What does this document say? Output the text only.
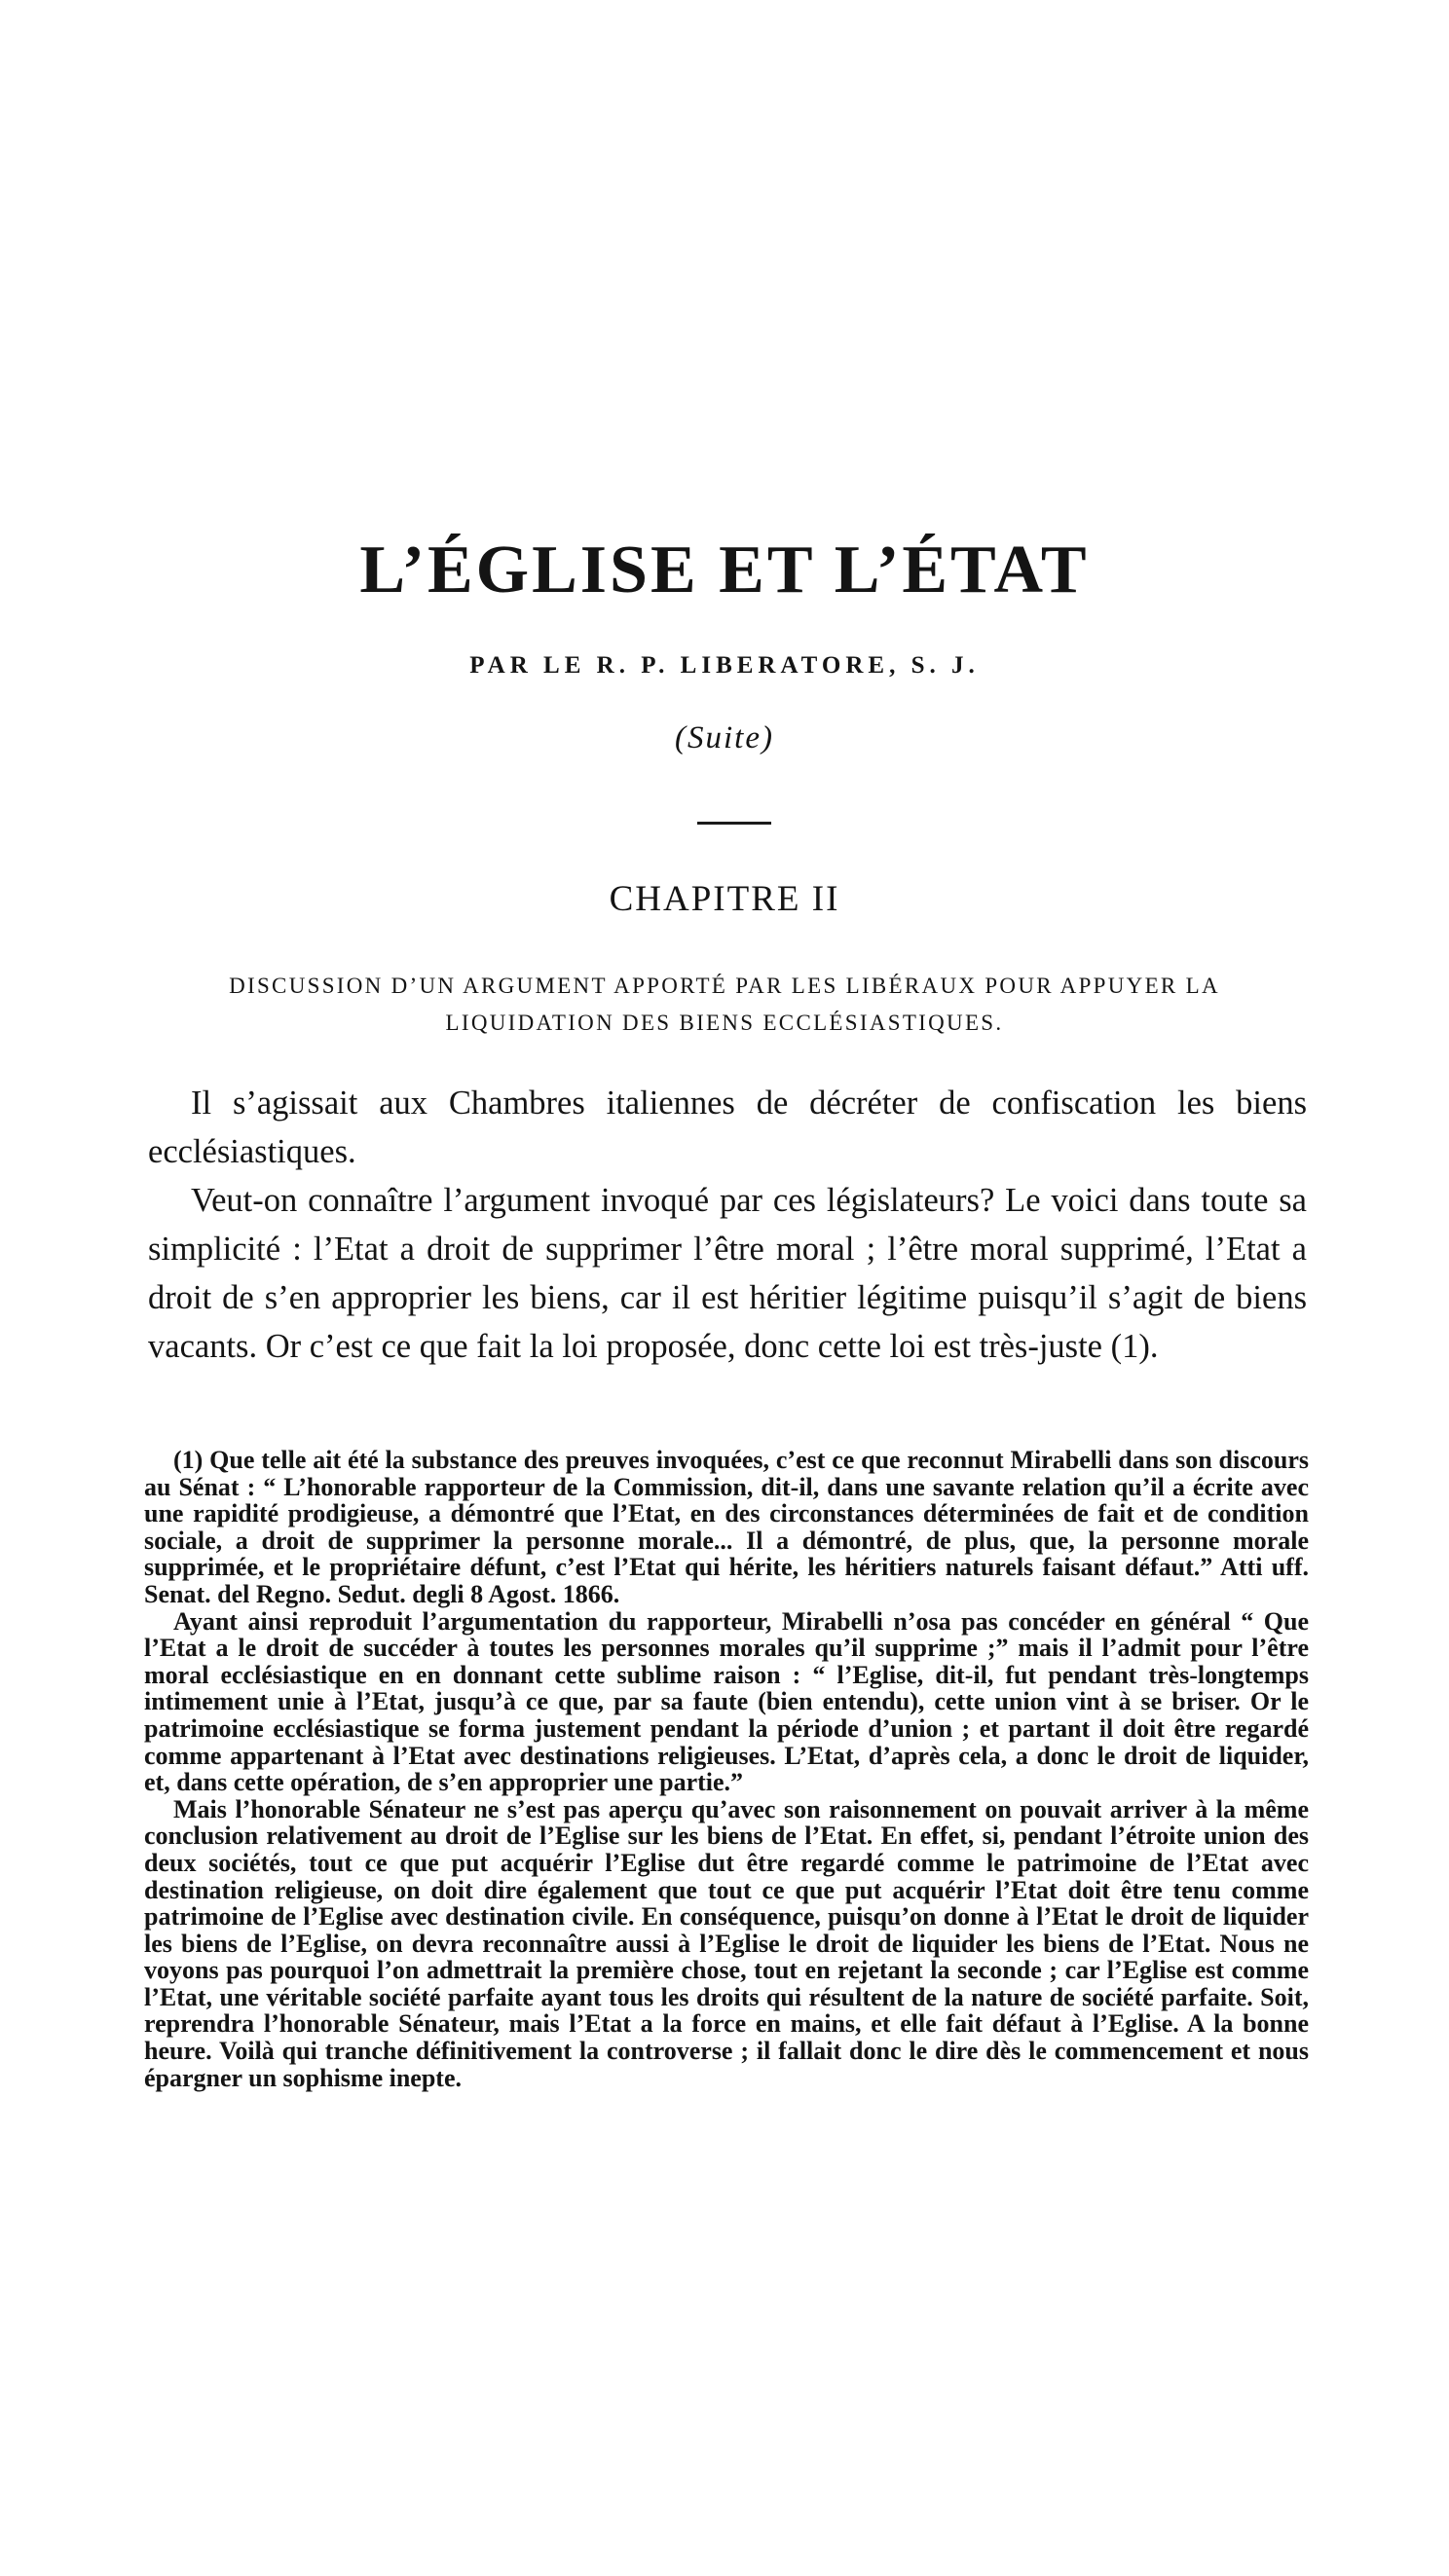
L’ÉGLISE ET L’ÉTAT
PAR LE R. P. LIBERATORE, S. J.
(Suite)
CHAPITRE II
DISCUSSION D’UN ARGUMENT APPORTÉ PAR LES LIBÉRAUX POUR APPUYER LA LIQUIDATION DES BIENS ECCLÉSIASTIQUES.

Il s’agissait aux Chambres italiennes de décréter de confiscation les biens ecclésiastiques.

Veut-on connaître l’argument invoqué par ces législateurs? Le voici dans toute sa simplicité : l’Etat a droit de supprimer l’être moral ; l’être moral supprimé, l’Etat a droit de s’en approprier les biens, car il est héritier légitime puisqu’il s’agit de biens vacants. Or c’est ce que fait la loi proposée, donc cette loi est très-juste (1).

(1) Que telle ait été la substance des preuves invoquées, c’est ce que reconnut Mirabelli dans son discours au Sénat : “ L’honorable rapporteur de la Commission, dit-il, dans une savante relation qu’il a écrite avec une rapidité prodigieuse, a démontré que l’Etat, en des circonstances déterminées de fait et de condition sociale, a droit de supprimer la personne morale... Il a démontré, de plus, que, la personne morale supprimée, et le propriétaire défunt, c’est l’Etat qui hérite, les héritiers naturels faisant défaut.” Atti uff. Senat. del Regno. Sedut. degli 8 Agost. 1866.

Ayant ainsi reproduit l’argumentation du rapporteur, Mirabelli n’osa pas concéder en général “ Que l’Etat a le droit de succéder à toutes les personnes morales qu’il supprime ;” mais il l’admit pour l’être moral ecclésiastique en en donnant cette sublime raison : “ l’Eglise, dit-il, fut pendant très-longtemps intimement unie à l’Etat, jusqu’à ce que, par sa faute (bien entendu), cette union vint à se briser. Or le patrimoine ecclésiastique se forma justement pendant la période d’union ; et partant il doit être regardé comme appartenant à l’Etat avec destinations religieuses. L’Etat, d’après cela, a donc le droit de liquider, et, dans cette opération, de s’en approprier une partie.”

Mais l’honorable Sénateur ne s’est pas aperçu qu’avec son raisonnement on pouvait arriver à la même conclusion relativement au droit de l’Eglise sur les biens de l’Etat. En effet, si, pendant l’étroite union des deux sociétés, tout ce que put acquérir l’Eglise dut être regardé comme le patrimoine de l’Etat avec destination religieuse, on doit dire également que tout ce que put acquérir l’Etat doit être tenu comme patrimoine de l’Eglise avec destination civile. En conséquence, puisqu’on donne à l’Etat le droit de liquider les biens de l’Eglise, on devra reconnaître aussi à l’Eglise le droit de liquider les biens de l’Etat. Nous ne voyons pas pourquoi l’on admettrait la première chose, tout en rejetant la seconde ; car l’Eglise est comme l’Etat, une véritable société parfaite ayant tous les droits qui résultent de la nature de société parfaite. Soit, reprendra l’honorable Sénateur, mais l’Etat a la force en mains, et elle fait défaut à l’Eglise. A la bonne heure. Voilà qui tranche définitivement la controverse ; il fallait donc le dire dès le commencement et nous épargner un sophisme inepte.
